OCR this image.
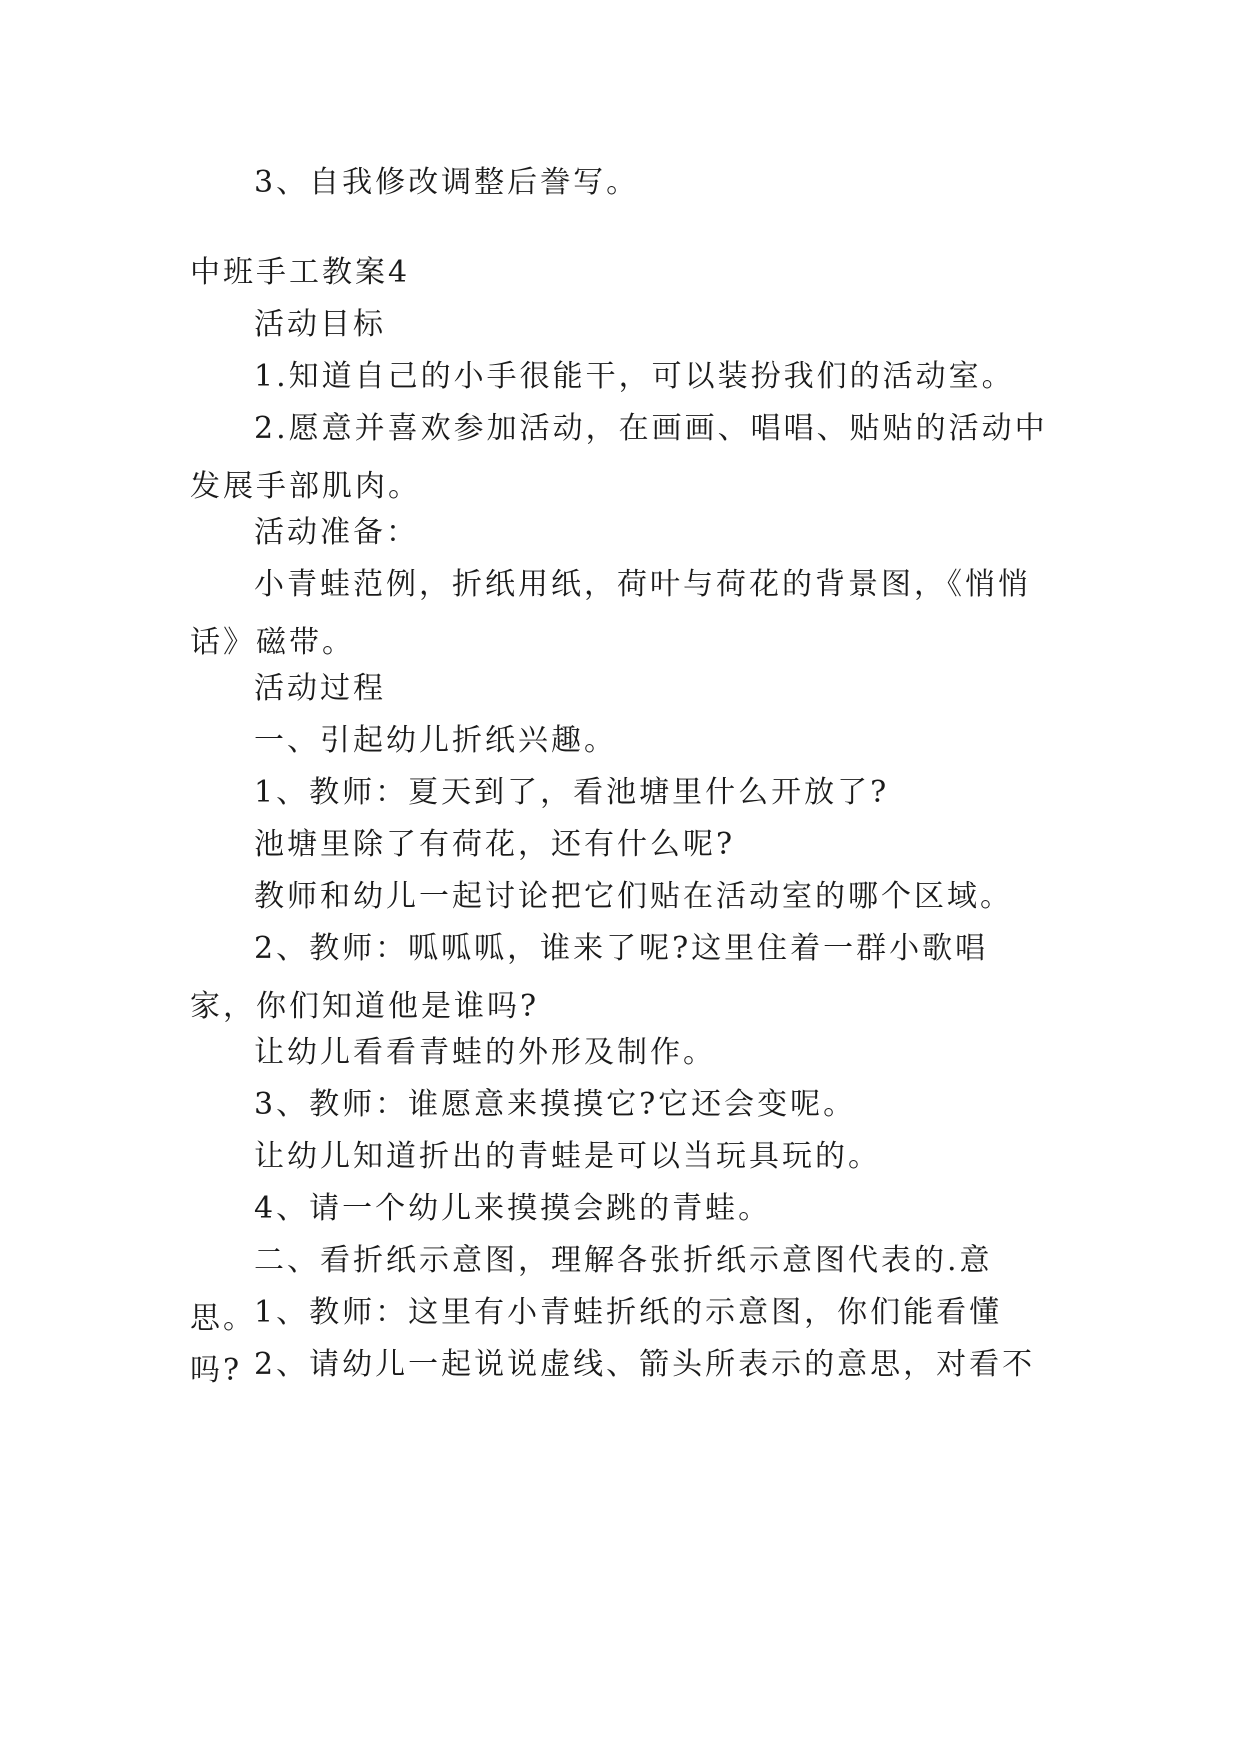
3、自我修改调整后誊写。

中班手工教案4

活动目标

1.知道自己的小手很能干，可以装扮我们的活动室。

2.愿意并喜欢参加活动，在画画、唱唱、贴贴的活动中发展手部肌肉。

活动准备：

小青蛙范例，折纸用纸，荷叶与荷花的背景图，《悄悄话》磁带。

活动过程

一、引起幼儿折纸兴趣。

1、教师：夏天到了，看池塘里什么开放了?

池塘里除了有荷花，还有什么呢?

教师和幼儿一起讨论把它们贴在活动室的哪个区域。

2、教师：呱呱呱，谁来了呢?这里住着一群小歌唱家，你们知道他是谁吗?

让幼儿看看青蛙的外形及制作。

3、教师：谁愿意来摸摸它?它还会变呢。

让幼儿知道折出的青蛙是可以当玩具玩的。

4、请一个幼儿来摸摸会跳的青蛙。

二、看折纸示意图，理解各张折纸示意图代表的.意思。

1、教师：这里有小青蛙折纸的示意图，你们能看懂吗? 2、请幼儿一起说说虚线、箭头所表示的意思，对看不
